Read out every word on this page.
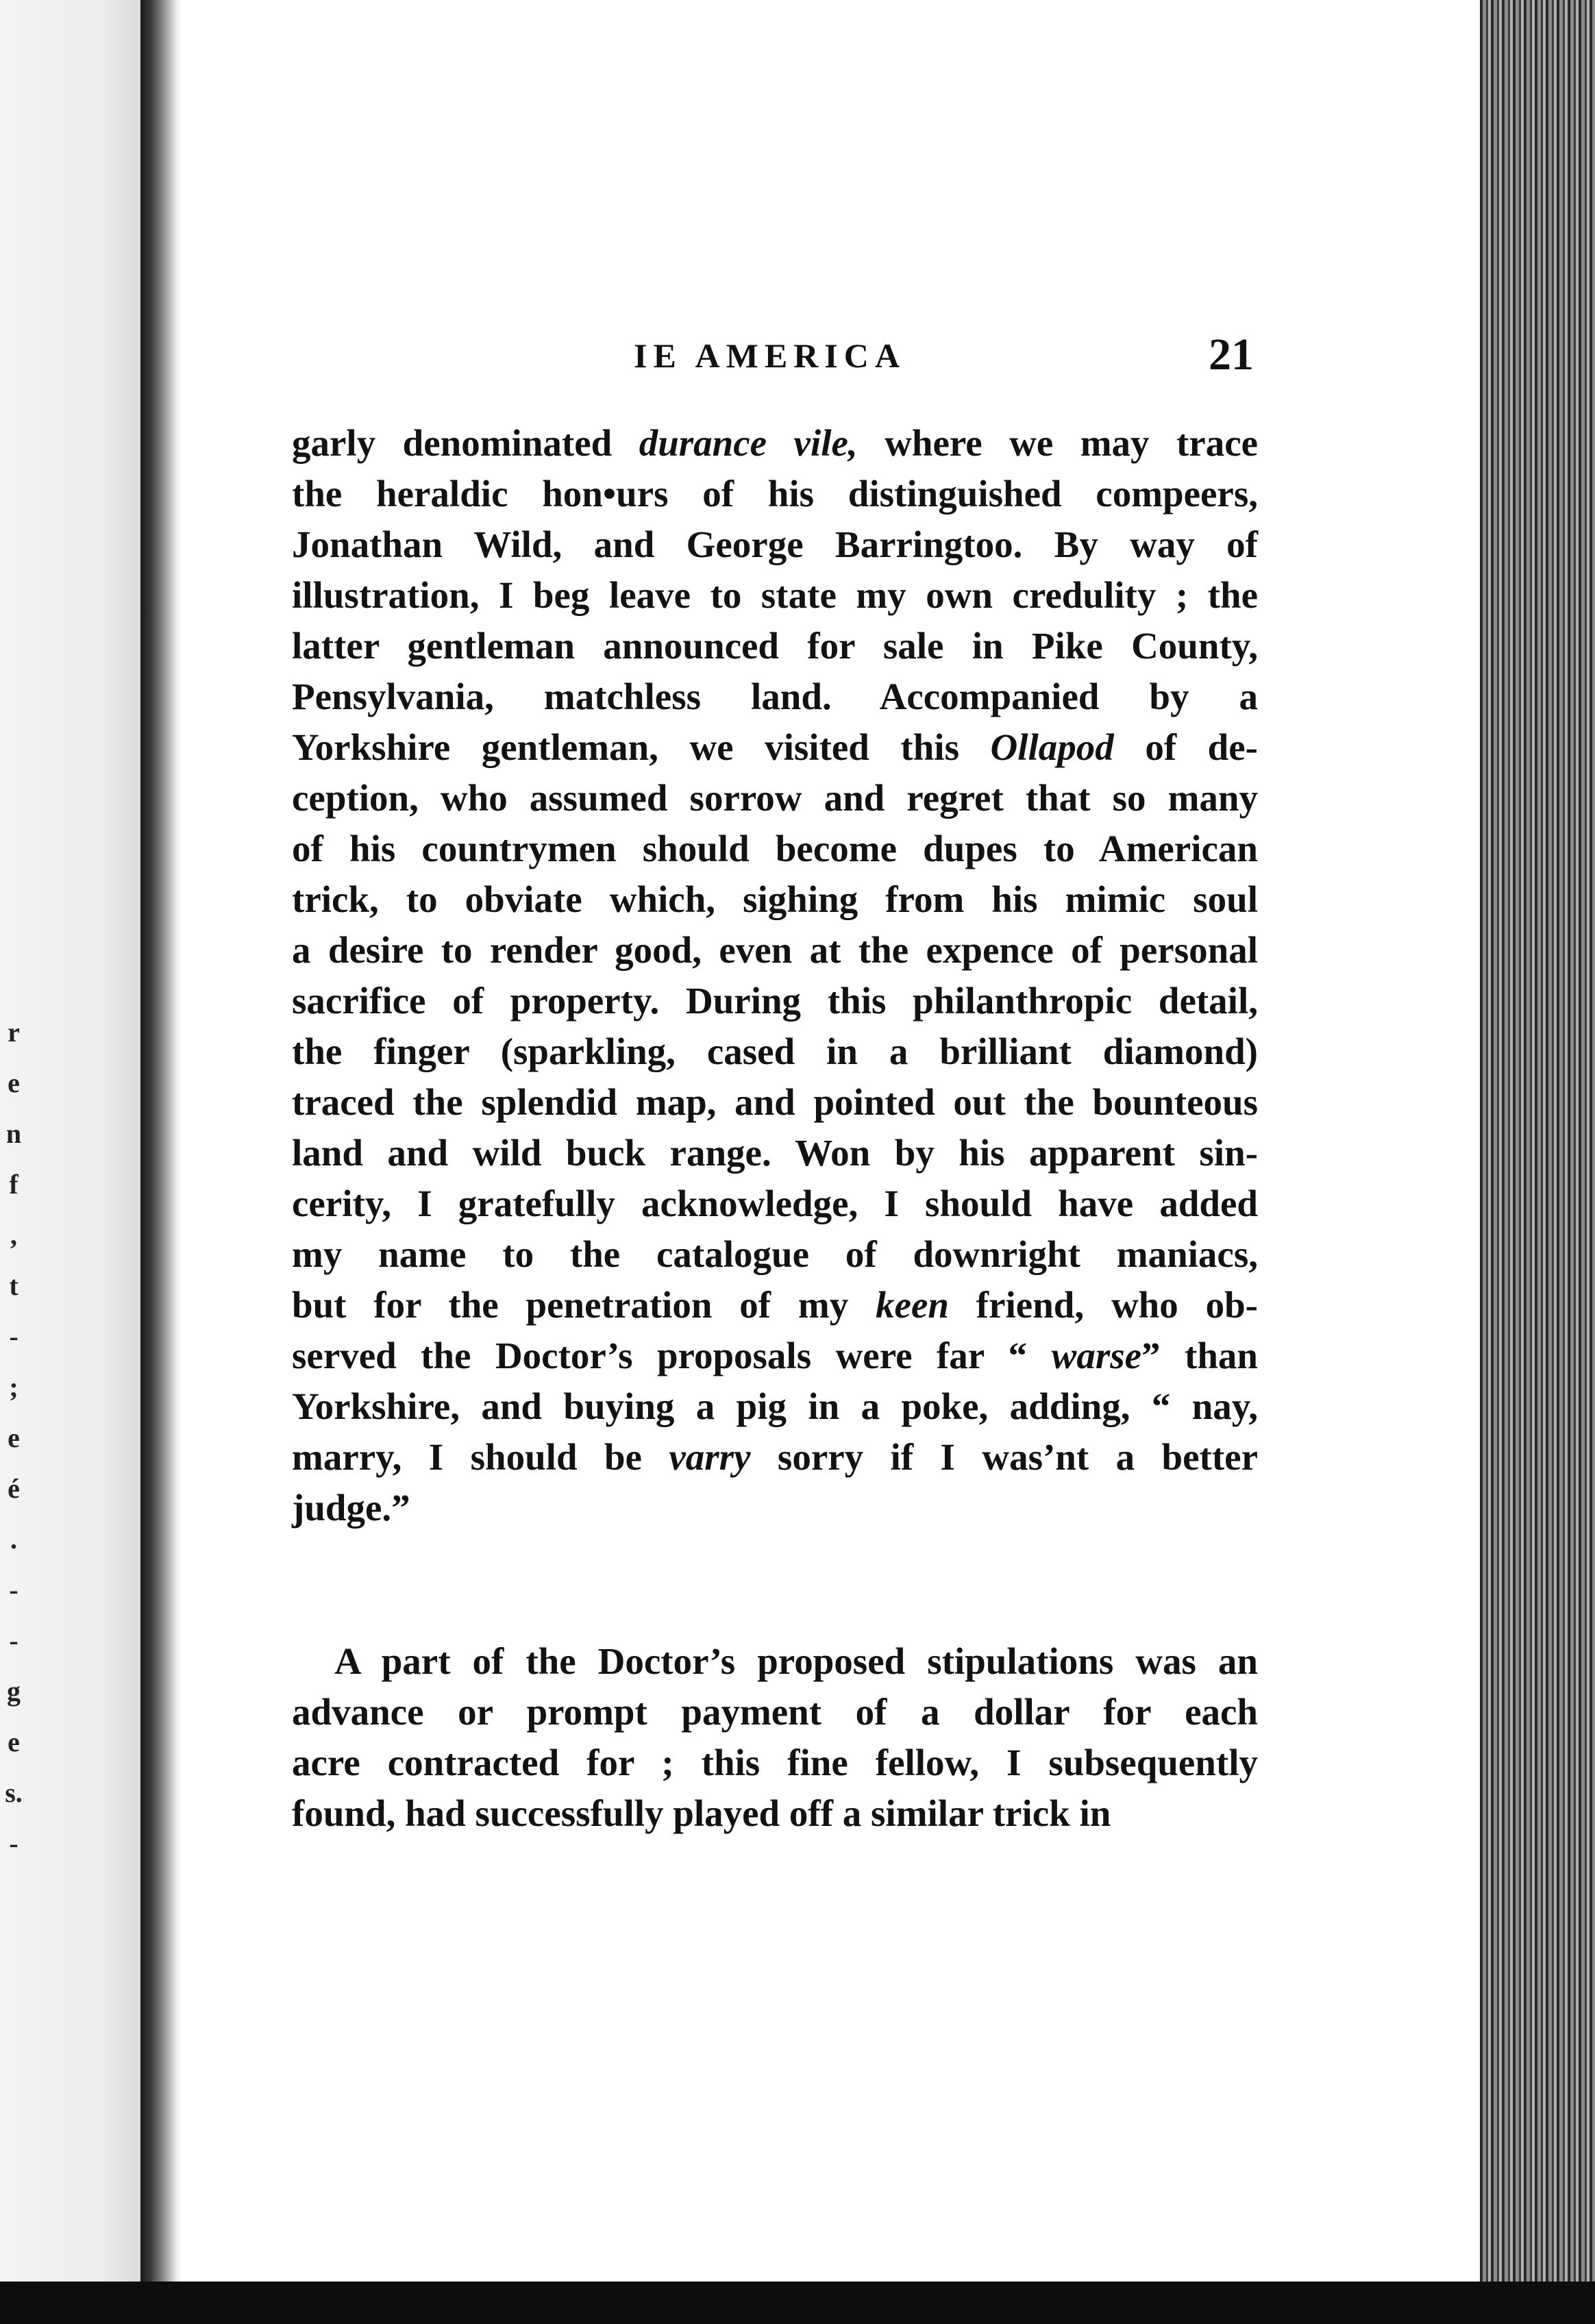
r
e
n
f
,
t
-
;
e
é
.
-
-
g
e
s.
-
IE AMERICA	21
garly denominated durance vile, where we may trace
the heraldic hon•urs of his distinguished compeers,
Jonathan Wild, and George Barringtoo. By way of
illustration, I beg leave to state my own credulity ; the
latter gentleman announced for sale in Pike County,
Pensylvania, matchless land. Accompanied by a
Yorkshire gentleman, we visited this Ollapod of de-
ception, who assumed sorrow and regret that so many
of his countrymen should become dupes to American
trick, to obviate which, sighing from his mimic soul
a desire to render good, even at the expence of personal
sacrifice of property. During this philanthropic detail,
the finger (sparkling, cased in a brilliant diamond)
traced the splendid map, and pointed out the bounteous
land and wild buck range. Won by his apparent sin-
cerity, I gratefully acknowledge, I should have added
my name to the catalogue of downright maniacs,
but for the penetration of my keen friend, who ob-
served the Doctor’s proposals were far “ warse” than
Yorkshire, and buying a pig in a poke, adding, “ nay,
marry, I should be varry sorry if I was’nt a better
judge.”
A part of the Doctor’s proposed stipulations was an
advance or prompt payment of a dollar for each
acre contracted for ; this fine fellow, I subsequently
found, had successfully played off a similar trick in
